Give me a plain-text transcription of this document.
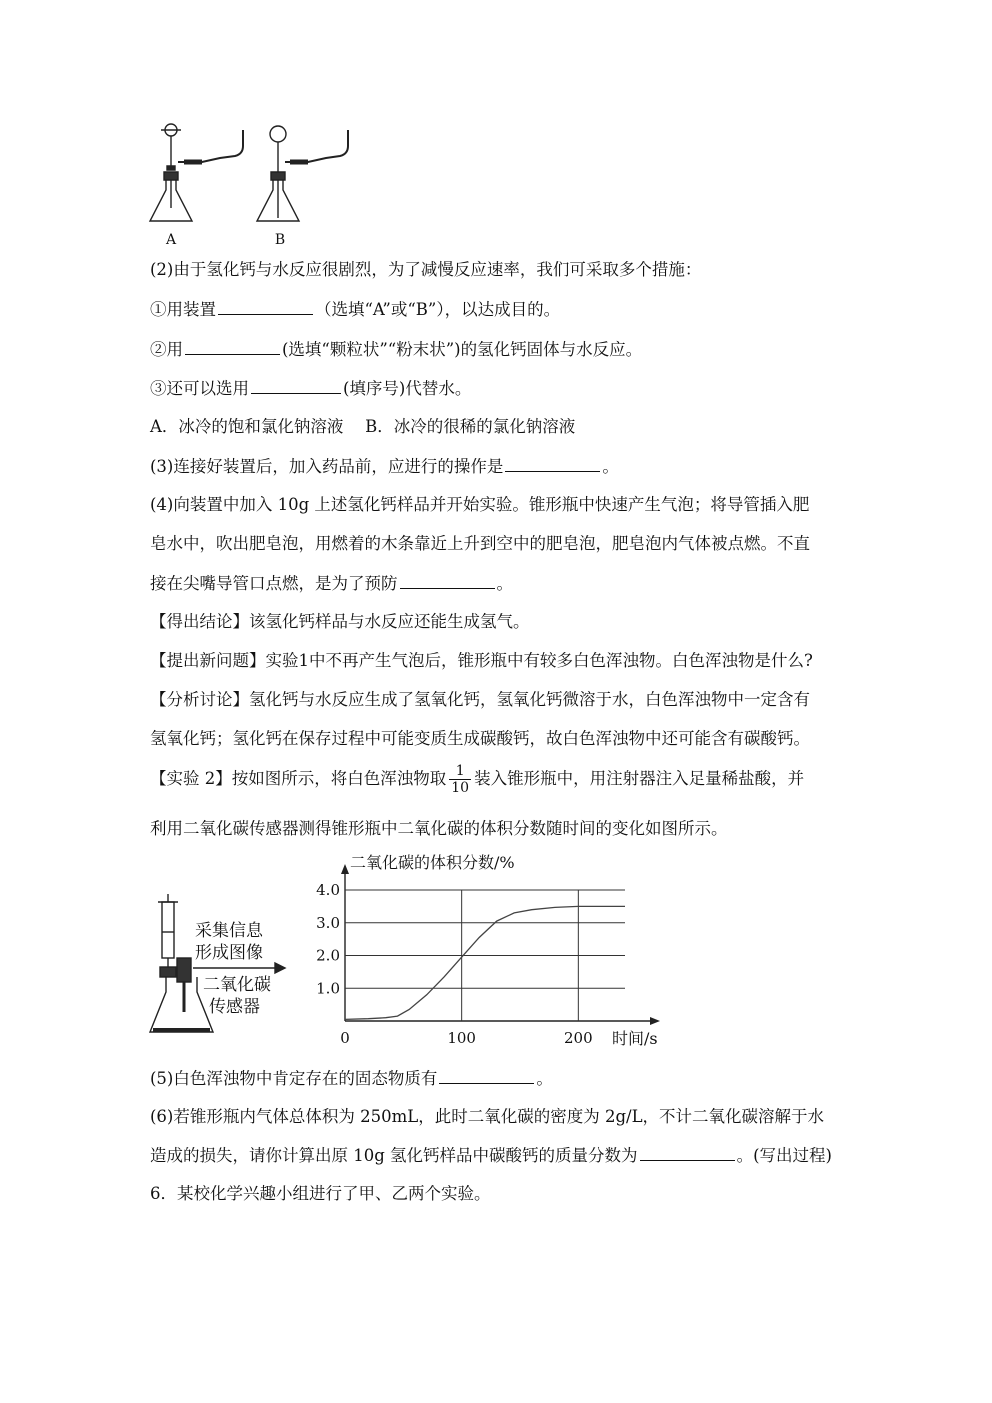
A	B
(2)由于氢化钙与水反应很剧烈，为了减慢反应速率，我们可采取多个措施：
①用装置	（选填“A”或“B”），以达成目的。
②用	(选填“颗粒状”“粉末状”)的氢化钙固体与水反应。
③还可以选用	(填序号)代替水。
A．冰冷的饱和氯化钠溶液　 B．冰冷的很稀的氯化钠溶液
(3)连接好装置后，加入药品前，应进行的操作是	。
(4)向装置中加入 10g 上述氢化钙样品并开始实验。锥形瓶中快速产生气泡；将导管插入肥
皂水中，吹出肥皂泡，用燃着的木条靠近上升到空中的肥皂泡，肥皂泡内气体被点燃。不直
接在尖嘴导管口点燃，是为了预防	。
【得出结论】该氢化钙样品与水反应还能生成氢气。
【提出新问题】实验1中不再产生气泡后，锥形瓶中有较多白色浑浊物。白色浑浊物是什么?
【分析讨论】氢化钙与水反应生成了氢氧化钙，氢氧化钙微溶于水，白色浑浊物中一定含有
氢氧化钙；氢化钙在保存过程中可能变质生成碳酸钙，故白色浑浊物中还可能含有碳酸钙。
【实验 2】按如图所示，将白色浑浊物取 $\frac{1}{10}$ 装入锥形瓶中，用注射器注入足量稀盐酸，并
利用二氧化碳传感器测得锥形瓶中二氧化碳的体积分数随时间的变化如图所示。
采集信息
形成图像
二氧化碳
传感器
二氧化碳的体积分数/%
时间/s
1.0
2.0
3.0
4.0
0	100	200
(5)白色浑浊物中肯定存在的固态物质有	。
(6)若锥形瓶内气体总体积为 250mL，此时二氧化碳的密度为 2g/L，不计二氧化碳溶解于水
造成的损失，请你计算出原 10g 氢化钙样品中碳酸钙的质量分数为	。(写出过程)
6．某校化学兴趣小组进行了甲、乙两个实验。
